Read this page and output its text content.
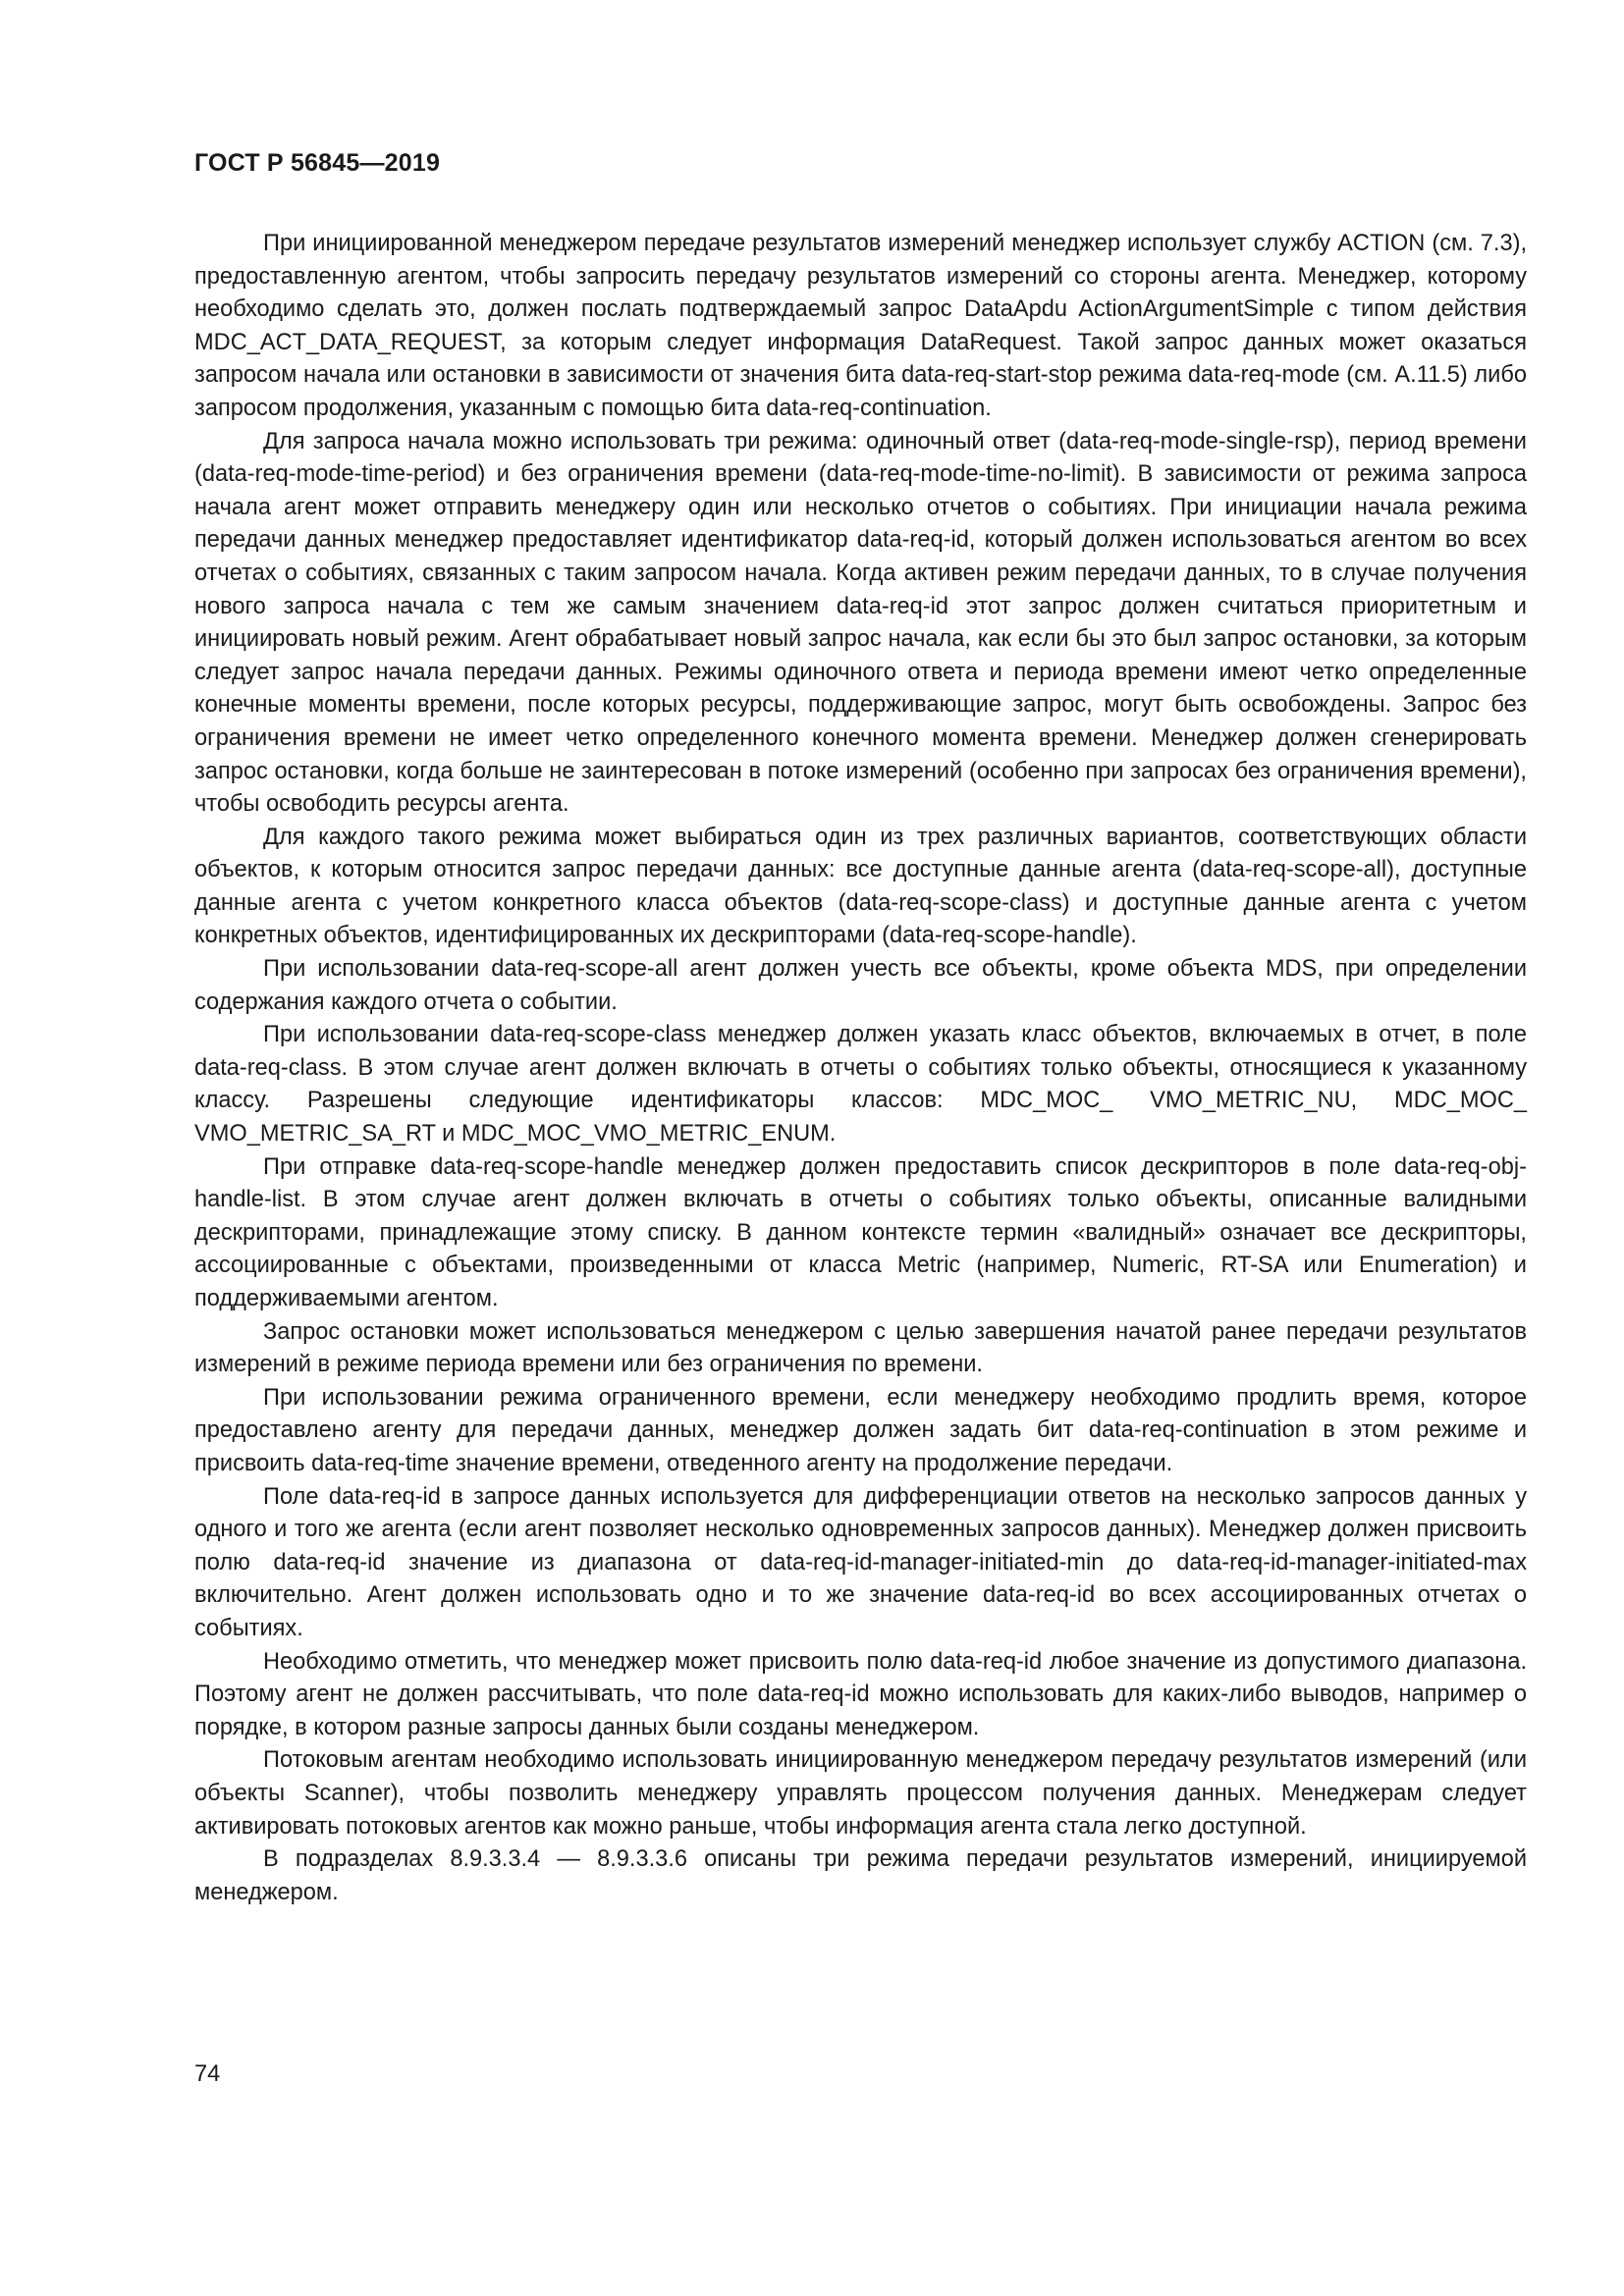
ГОСТ Р 56845—2019

При инициированной менеджером передаче результатов измерений менеджер использует службу ACTION (см. 7.3), предоставленную агентом, чтобы запросить передачу результатов измерений со стороны агента. Менеджер, которому необходимо сделать это, должен послать подтверждаемый запрос DataApdu ActionArgumentSimple с типом действия MDC_ACT_DATA_REQUEST, за которым следует информация DataRequest. Такой запрос данных может оказаться запросом начала или остановки в зависимости от значения бита data-req-start-stop режима data-req-mode (см. A.11.5) либо запросом продолжения, указанным с помощью бита data-req-continuation.

Для запроса начала можно использовать три режима: одиночный ответ (data-req-mode-single-rsp), период времени (data-req-mode-time-period) и без ограничения времени (data-req-mode-time-no-limit). В зависимости от режима запроса начала агент может отправить менеджеру один или несколько отчетов о событиях. При инициации начала режима передачи данных менеджер предоставляет идентификатор data-req-id, который должен использоваться агентом во всех отчетах о событиях, связанных с таким запросом начала. Когда активен режим передачи данных, то в случае получения нового запроса начала с тем же самым значением data-req-id этот запрос должен считаться приоритетным и инициировать новый режим. Агент обрабатывает новый запрос начала, как если бы это был запрос остановки, за которым следует запрос начала передачи данных. Режимы одиночного ответа и периода времени имеют четко определенные конечные моменты времени, после которых ресурсы, поддерживающие запрос, могут быть освобождены. Запрос без ограничения времени не имеет четко определенного конечного момента времени. Менеджер должен сгенерировать запрос остановки, когда больше не заинтересован в потоке измерений (особенно при запросах без ограничения времени), чтобы освободить ресурсы агента.

Для каждого такого режима может выбираться один из трех различных вариантов, соответствующих области объектов, к которым относится запрос передачи данных: все доступные данные агента (data-req-scope-all), доступные данные агента с учетом конкретного класса объектов (data-req-scope-class) и доступные данные агента с учетом конкретных объектов, идентифицированных их дескрипторами (data-req-scope-handle).

При использовании data-req-scope-all агент должен учесть все объекты, кроме объекта MDS, при определении содержания каждого отчета о событии.

При использовании data-req-scope-class менеджер должен указать класс объектов, включаемых в отчет, в поле data-req-class. В этом случае агент должен включать в отчеты о событиях только объекты, относящиеся к указанному классу. Разрешены следующие идентификаторы классов: MDC_MOC_ VMO_METRIC_NU, MDC_MOC_ VMO_METRIC_SA_RT и MDC_MOC_VMO_METRIC_ENUM.

При отправке data-req-scope-handle менеджер должен предоставить список дескрипторов в поле data-req-obj-handle-list. В этом случае агент должен включать в отчеты о событиях только объекты, описанные валидными дескрипторами, принадлежащие этому списку. В данном контексте термин «валидный» означает все дескрипторы, ассоциированные с объектами, произведенными от класса Metric (например, Numeric, RT-SA или Enumeration) и поддерживаемыми агентом.

Запрос остановки может использоваться менеджером с целью завершения начатой ранее передачи результатов измерений в режиме периода времени или без ограничения по времени.

При использовании режима ограниченного времени, если менеджеру необходимо продлить время, которое предоставлено агенту для передачи данных, менеджер должен задать бит data-req-continuation в этом режиме и присвоить data-req-time значение времени, отведенного агенту на продолжение передачи.

Поле data-req-id в запросе данных используется для дифференциации ответов на несколько запросов данных у одного и того же агента (если агент позволяет несколько одновременных запросов данных). Менеджер должен присвоить полю data-req-id значение из диапазона от data-req-id-manager-initiated-min до data-req-id-manager-initiated-max включительно. Агент должен использовать одно и то же значение data-req-id во всех ассоциированных отчетах о событиях.

Необходимо отметить, что менеджер может присвоить полю data-req-id любое значение из допустимого диапазона. Поэтому агент не должен рассчитывать, что поле data-req-id можно использовать для каких-либо выводов, например о порядке, в котором разные запросы данных были созданы менеджером.

Потоковым агентам необходимо использовать инициированную менеджером передачу результатов измерений (или объекты Scanner), чтобы позволить менеджеру управлять процессом получения данных. Менеджерам следует активировать потоковых агентов как можно раньше, чтобы информация агента стала легко доступной.

В подразделах 8.9.3.3.4 — 8.9.3.3.6 описаны три режима передачи результатов измерений, инициируемой менеджером.

74
